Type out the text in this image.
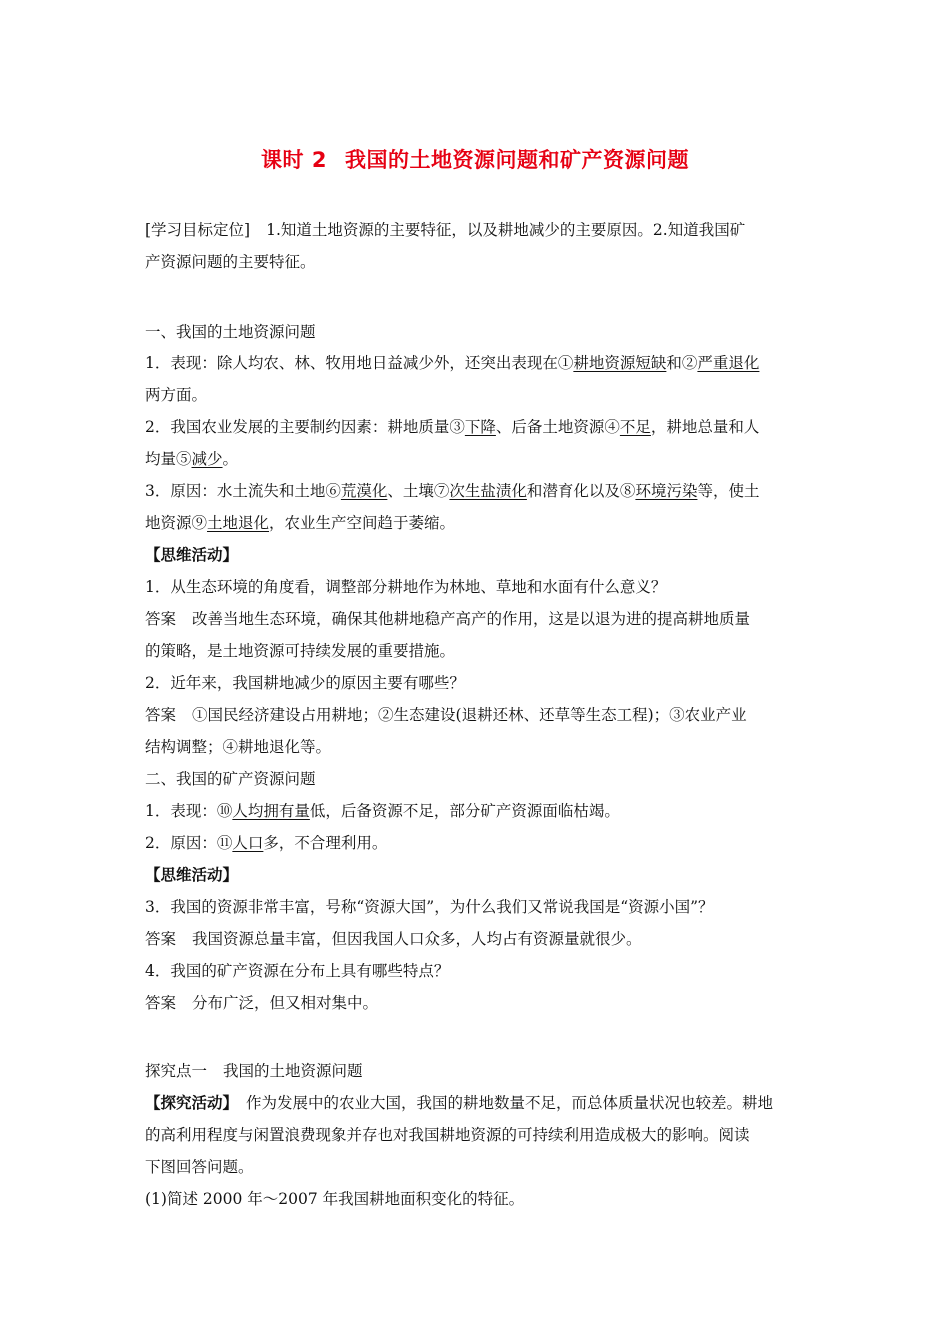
课时 2 我国的土地资源问题和矿产资源问题
[学习目标定位] 1.知道土地资源的主要特征，以及耕地减少的主要原因。2.知道我国矿
产资源问题的主要特征。
一、我国的土地资源问题
1．表现：除人均农、林、牧用地日益减少外，还突出表现在①耕地资源短缺和②严重退化
两方面。
2．我国农业发展的主要制约因素：耕地质量③下降、后备土地资源④不足，耕地总量和人
均量⑤减少。
3．原因：水土流失和土地⑥荒漠化、土壤⑦次生盐渍化和潜育化以及⑧环境污染等，使土
地资源⑨土地退化，农业生产空间趋于萎缩。
【思维活动】
1．从生态环境的角度看，调整部分耕地作为林地、草地和水面有什么意义？
答案 改善当地生态环境，确保其他耕地稳产高产的作用，这是以退为进的提高耕地质量
的策略，是土地资源可持续发展的重要措施。
2．近年来，我国耕地减少的原因主要有哪些？
答案 ①国民经济建设占用耕地；②生态建设(退耕还林、还草等生态工程)；③农业产业
结构调整；④耕地退化等。
二、我国的矿产资源问题
1．表现：⑩人均拥有量低，后备资源不足，部分矿产资源面临枯竭。
2．原因：⑪人口多，不合理利用。
【思维活动】
3．我国的资源非常丰富，号称“资源大国”，为什么我们又常说我国是“资源小国”？
答案 我国资源总量丰富，但因我国人口众多，人均占有资源量就很少。
4．我国的矿产资源在分布上具有哪些特点？
答案 分布广泛，但又相对集中。
探究点一 我国的土地资源问题
【探究活动】 作为发展中的农业大国，我国的耕地数量不足，而总体质量状况也较差。耕地
的高利用程度与闲置浪费现象并存也对我国耕地资源的可持续利用造成极大的影响。阅读
下图回答问题。
(1)简述 2000 年～2007 年我国耕地面积变化的特征。
